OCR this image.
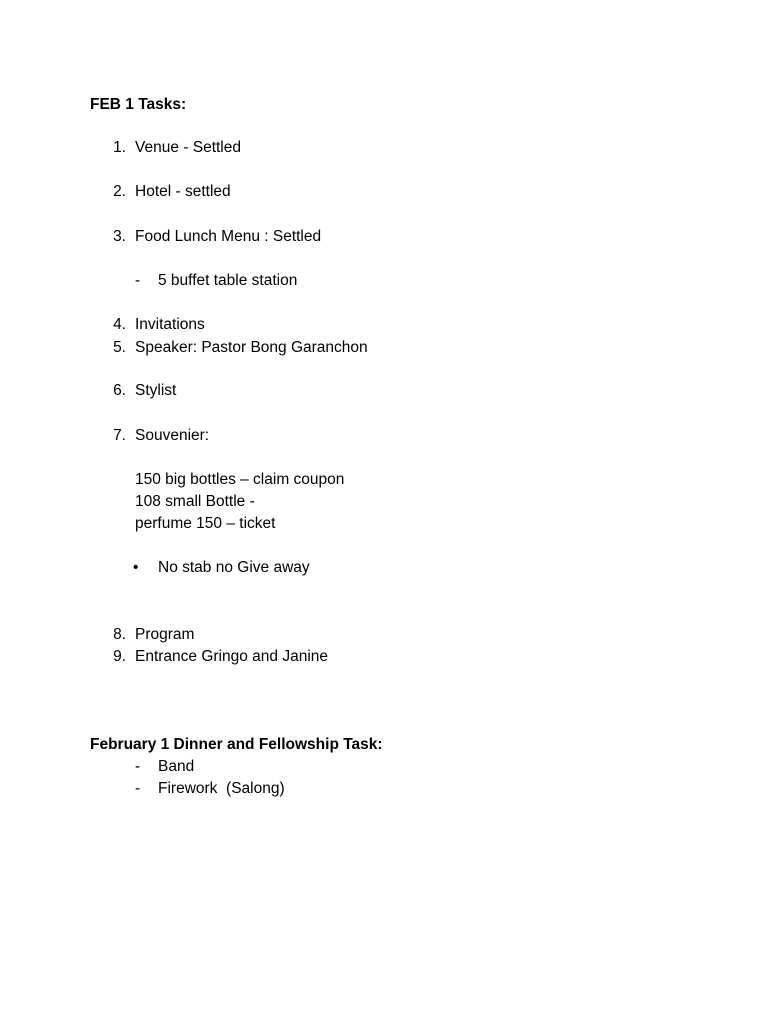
FEB 1 Tasks:
1. Venue - Settled
2. Hotel - settled
3. Food Lunch Menu : Settled
- 5 buffet table station
4. Invitations
5. Speaker: Pastor Bong Garanchon
6. Stylist
7. Souvenier:
150 big bottles – claim coupon
108 small Bottle -
perfume 150 – ticket
• No stab no Give away
8. Program
9. Entrance Gringo and Janine
February 1 Dinner and Fellowship Task:
- Band
- Firework  (Salong)
